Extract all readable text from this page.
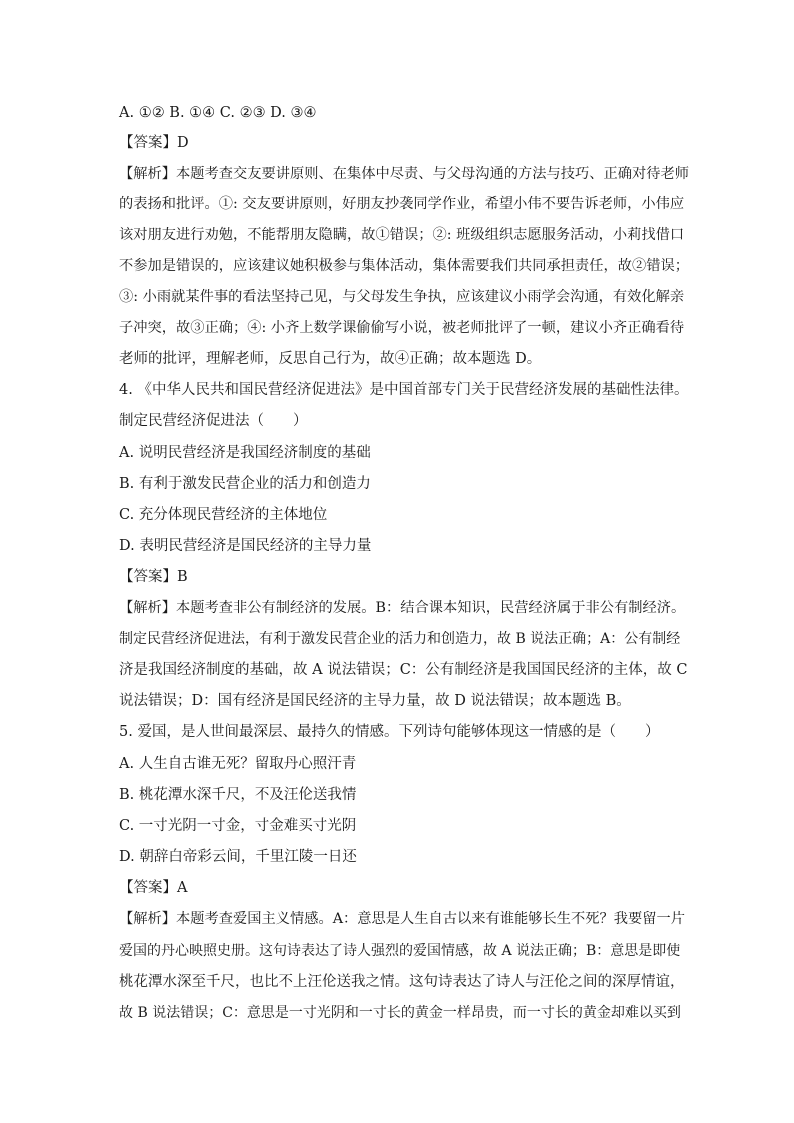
A. ①② B. ①④ C. ②③ D. ③④
【答案】D
【解析】本题考查交友要讲原则、在集体中尽责、与父母沟通的方法与技巧、正确对待老师
的表扬和批评。①: 交友要讲原则，好朋友抄袭同学作业，希望小伟不要告诉老师，小伟应
该对朋友进行劝勉，不能帮朋友隐瞒，故①错误；②: 班级组织志愿服务活动，小莉找借口
不参加是错误的，应该建议她积极参与集体活动，集体需要我们共同承担责任，故②错误；
③: 小雨就某件事的看法坚持己见，与父母发生争执，应该建议小雨学会沟通，有效化解亲
子冲突，故③正确；④: 小齐上数学课偷偷写小说，被老师批评了一顿，建议小齐正确看待
老师的批评，理解老师，反思自己行为，故④正确；故本题选 D。
4. 《中华人民共和国民营经济促进法》是中国首部专门关于民营经济发展的基础性法律。
制定民营经济促进法（　　）
A. 说明民营经济是我国经济制度的基础
B. 有利于激发民营企业的活力和创造力
C. 充分体现民营经济的主体地位
D. 表明民营经济是国民经济的主导力量
【答案】B
【解析】本题考查非公有制经济的发展。B：结合课本知识，民营经济属于非公有制经济。
制定民营经济促进法，有利于激发民营企业的活力和创造力，故 B 说法正确；A：公有制经
济是我国经济制度的基础，故 A 说法错误；C：公有制经济是我国国民经济的主体，故 C
说法错误；D：国有经济是国民经济的主导力量，故 D 说法错误；故本题选 B。
5. 爱国，是人世间最深层、最持久的情感。下列诗句能够体现这一情感的是（　　）
A. 人生自古谁无死？留取丹心照汗青
B. 桃花潭水深千尺，不及汪伦送我情
C. 一寸光阴一寸金，寸金难买寸光阴
D. 朝辞白帝彩云间，千里江陵一日还
【答案】A
【解析】本题考查爱国主义情感。A：意思是人生自古以来有谁能够长生不死？我要留一片
爱国的丹心映照史册。这句诗表达了诗人强烈的爱国情感，故 A 说法正确；B：意思是即使
桃花潭水深至千尺，也比不上汪伦送我之情。这句诗表达了诗人与汪伦之间的深厚情谊，
故 B 说法错误；C：意思是一寸光阴和一寸长的黄金一样昂贵，而一寸长的黄金却难以买到
